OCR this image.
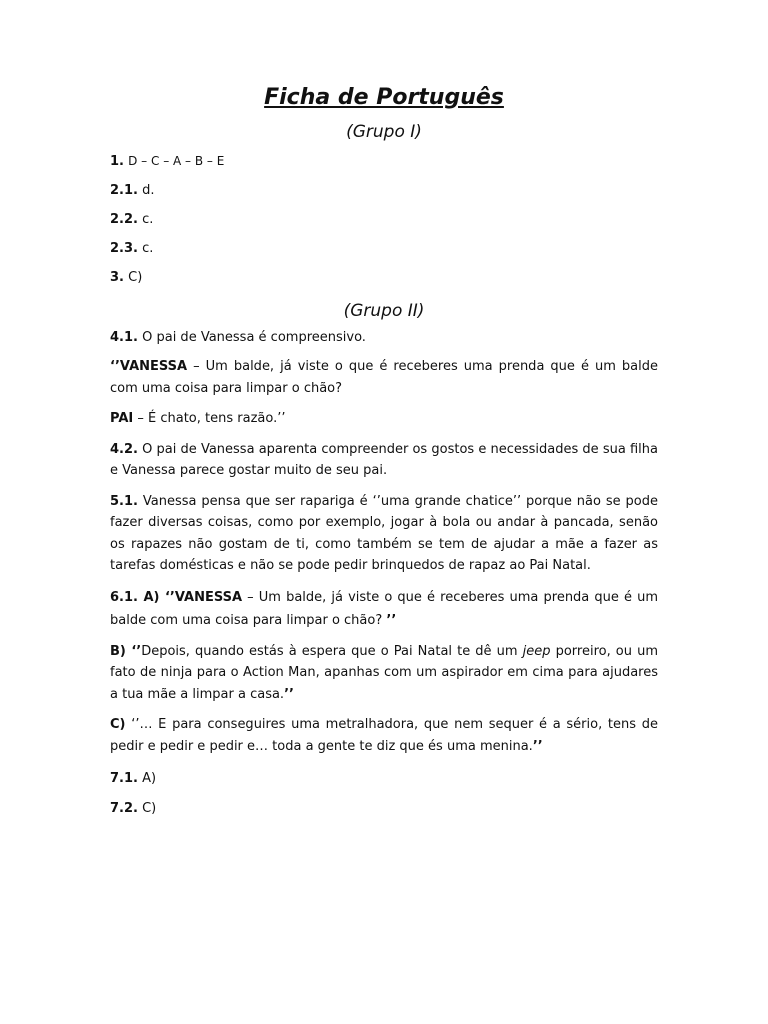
Ficha de Português

(Grupo I)

1. D – C – A – B – E

2.1. d.

2.2. c.

2.3. c.

3. C)

(Grupo II)

4.1. O pai de Vanessa é compreensivo.

‘’VANESSA – Um balde, já viste o que é receberes uma prenda que é um balde com uma coisa para limpar o chão?

PAI – É chato, tens razão.’’

4.2. O pai de Vanessa aparenta compreender os gostos e necessidades de sua filha e Vanessa parece gostar muito de seu pai.

5.1. Vanessa pensa que ser rapariga é ‘’uma grande chatice’’ porque não se pode fazer diversas coisas, como por exemplo, jogar à bola ou andar à pancada, senão os rapazes não gostam de ti, como também se tem de ajudar a mãe a fazer as tarefas domésticas e não se pode pedir brinquedos de rapaz ao Pai Natal.

6.1. A) ‘’VANESSA – Um balde, já viste o que é receberes uma prenda que é um balde com uma coisa para limpar o chão? ’’

B) ‘’Depois, quando estás à espera que o Pai Natal te dê um jeep porreiro, ou um fato de ninja para o Action Man, apanhas com um aspirador em cima para ajudares a tua mãe a limpar a casa.’’

C) ‘’… E para conseguires uma metralhadora, que nem sequer é a sério, tens de pedir e pedir e pedir e… toda a gente te diz que és uma menina.’’

7.1. A)

7.2. C)
